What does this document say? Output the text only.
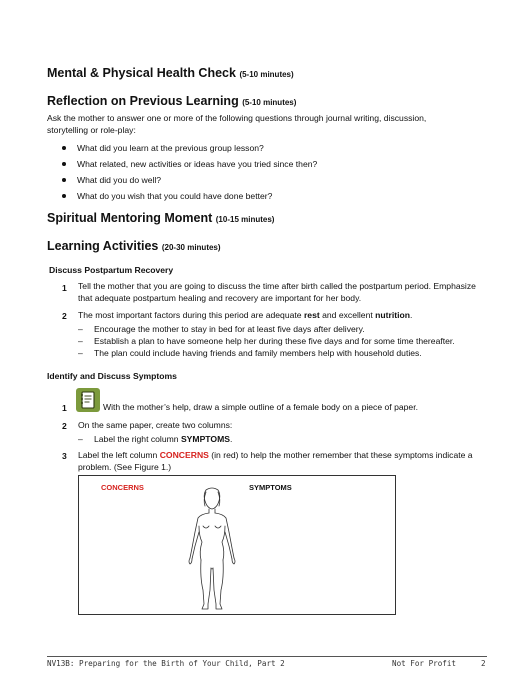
Mental & Physical Health Check (5-10 minutes)
Reflection on Previous Learning (5-10 minutes)
Ask the mother to answer one or more of the following questions through journal writing, discussion, storytelling or role-play:
What did you learn at the previous group lesson?
What related, new activities or ideas have you tried since then?
What did you do well?
What do you wish that you could have done better?
Spiritual Mentoring Moment (10-15 minutes)
Learning Activities (20-30 minutes)
Discuss Postpartum Recovery
1 Tell the mother that you are going to discuss the time after birth called the postpartum period. Emphasize that adequate postpartum healing and recovery are important for her body.
2 The most important factors during this period are adequate rest and excellent nutrition.
– Encourage the mother to stay in bed for at least five days after delivery.
– Establish a plan to have someone help her during these five days and for some time thereafter.
– The plan could include having friends and family members help with household duties.
Identify and Discuss Symptoms
1	With the mother’s help, draw a simple outline of a female body on a piece of paper.
2 On the same paper, create two columns:
– Label the right column SYMPTOMS.
3 Label the left column CONCERNS (in red) to help the mother remember that these symptoms indicate a problem. (See Figure 1.)
CONCERNS	SYMPTOMS
NV13B: Preparing for the Birth of Your Child, Part 2	Not For Profit	2
